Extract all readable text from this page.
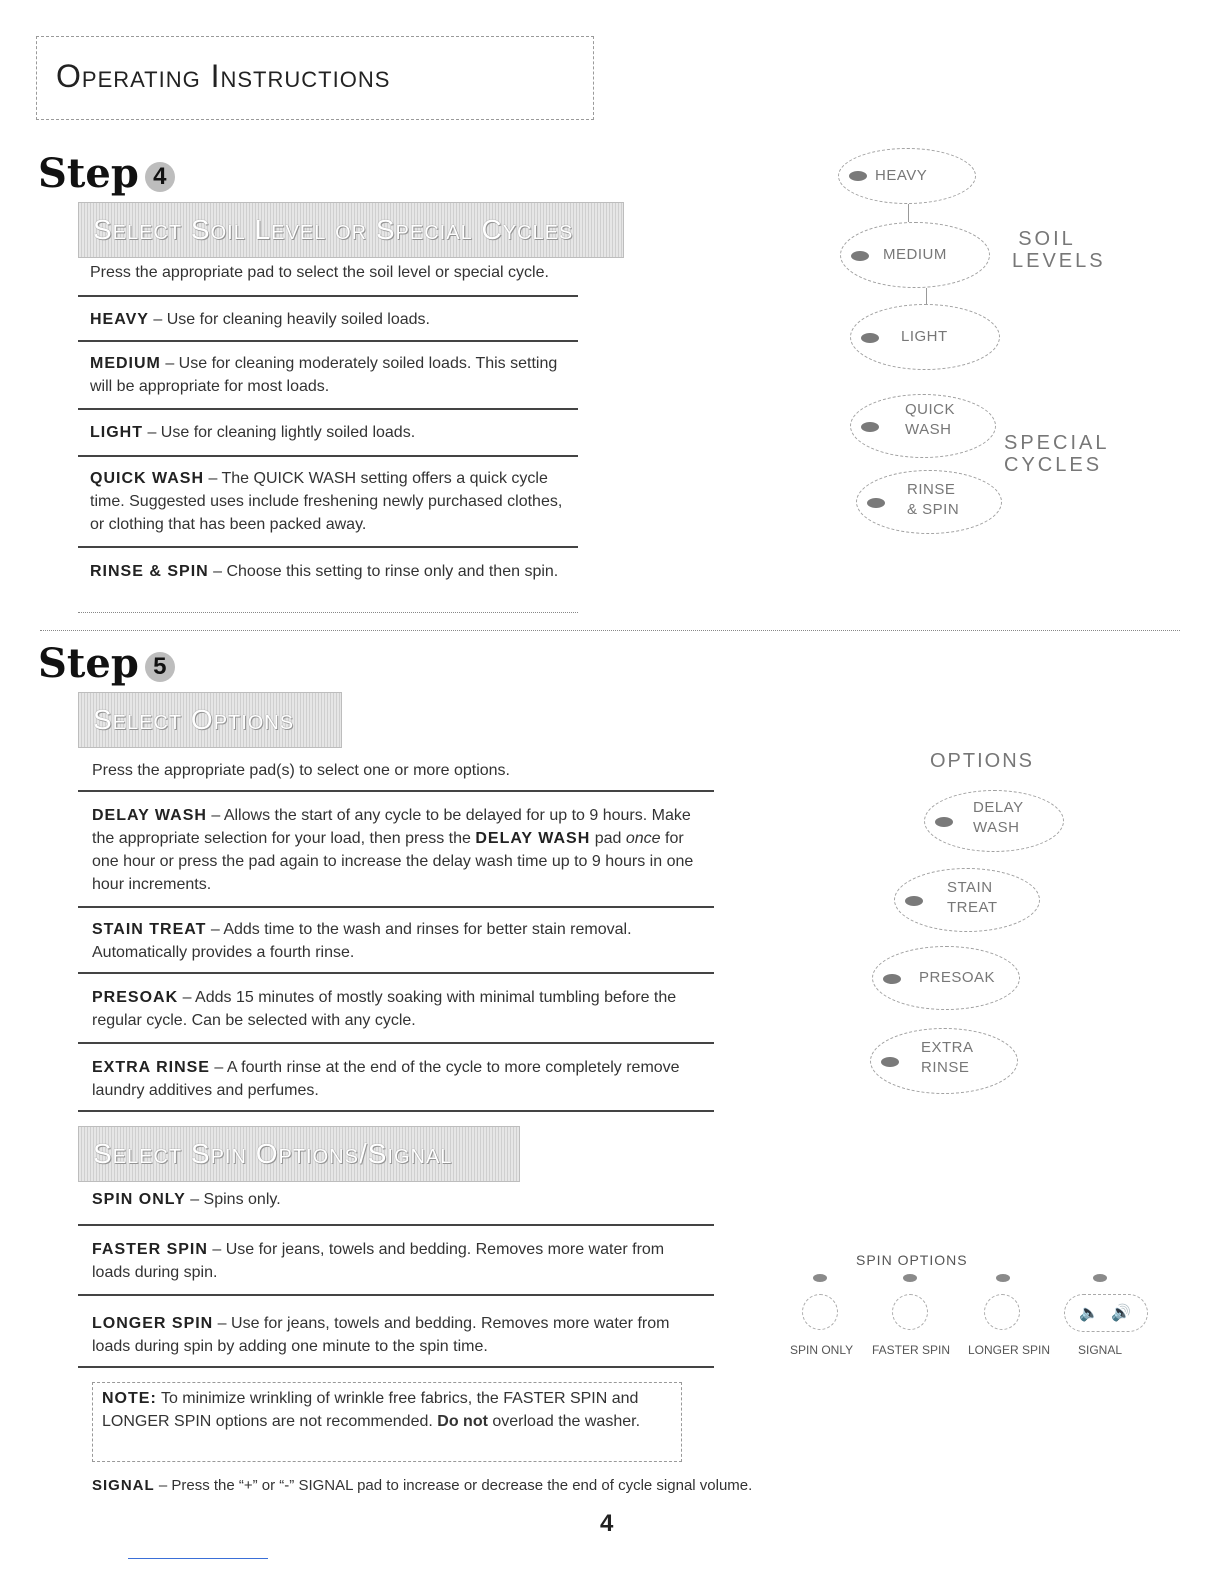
Operating Instructions
Step 4
Select Soil Level or Special Cycles
Press the appropriate pad to select the soil level or special cycle.
HEAVY – Use for cleaning heavily soiled loads.
MEDIUM – Use for cleaning moderately soiled loads. This setting will be appropriate for most loads.
LIGHT – Use for cleaning lightly soiled loads.
QUICK WASH – The QUICK WASH setting offers a quick cycle time. Suggested uses include freshening newly purchased clothes, or clothing that has been packed away.
RINSE & SPIN – Choose this setting to rinse only and then spin.
HEAVY
MEDIUM
LIGHT
QUICK
WASH
RINSE
& SPIN
SOIL
LEVELS
SPECIAL
CYCLES
Step 5
Select Options
Press the appropriate pad(s) to select one or more options.
DELAY WASH – Allows the start of any cycle to be delayed for up to 9 hours. Make the appropriate selection for your load, then press the DELAY WASH pad once for one hour or press the pad again to increase the delay wash time up to 9 hours in one hour increments.
STAIN TREAT – Adds time to the wash and rinses for better stain removal. Automatically provides a fourth rinse.
PRESOAK – Adds 15 minutes of mostly soaking with minimal tumbling before the regular cycle. Can be selected with any cycle.
EXTRA RINSE – A fourth rinse at the end of the cycle to more completely remove laundry additives and perfumes.
OPTIONS
DELAY
WASH
STAIN
TREAT
PRESOAK
EXTRA
RINSE
Select Spin Options/Signal
SPIN ONLY – Spins only.
FASTER SPIN – Use for jeans, towels and bedding. Removes more water from loads during spin.
LONGER SPIN – Use for jeans, towels and bedding. Removes more water from loads during spin by adding one minute to the spin time.
NOTE: To minimize wrinkling of wrinkle free fabrics, the FASTER SPIN and LONGER SPIN options are not recommended. Do not overload the washer.
SIGNAL – Press the “+” or “-” SIGNAL pad to increase or decrease the end of cycle signal volume.
SPIN OPTIONS
🔈 🔊
SPIN ONLY FASTER SPIN LONGER SPIN SIGNAL
4
